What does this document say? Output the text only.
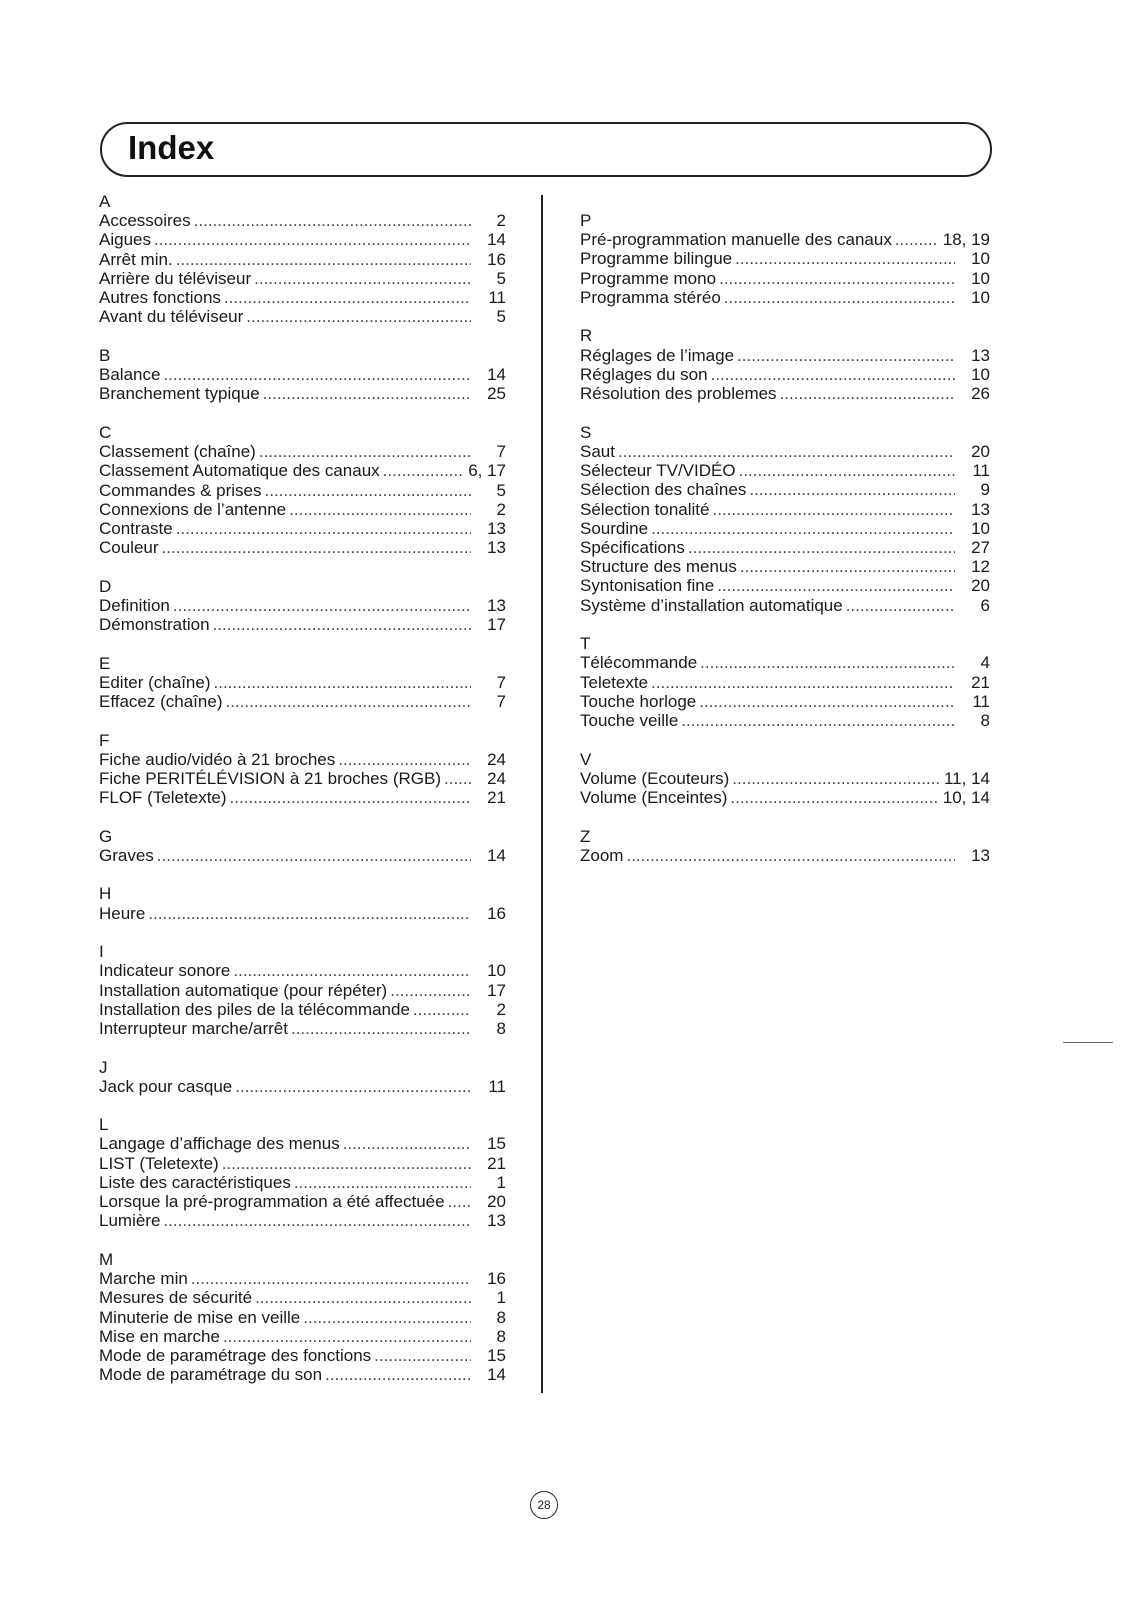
Index
A
Accessoires .....	2
Aigues .....	14
Arrêt min. .....	16
Arrière du téléviseur .....	5
Autres fonctions .....	11
Avant du téléviseur .....	5
B
Balance .....	14
Branchement typique .....	25
C
Classement (chaîne) .....	7
Classement Automatique des canaux .....	6, 17
Commandes & prises .....	5
Connexions de l’antenne .....	2
Contraste .....	13
Couleur .....	13
D
Definition .....	13
Démonstration .....	17
E
Editer (chaîne) .....	7
Effacez (chaîne) .....	7
F
Fiche audio/vidéo à 21 broches .....	24
Fiche PERITÉLÉVISION à 21 broches (RGB) .....	24
FLOF (Teletexte) .....	21
G
Graves .....	14
H
Heure .....	16
I
Indicateur sonore .....	10
Installation automatique (pour répéter) .....	17
Installation des piles de la télécommande .....	2
Interrupteur marche/arrêt .....	8
J
Jack pour casque .....	11
L
Langage d’affichage des menus .....	15
LIST (Teletexte) .....	21
Liste des caractéristiques .....	1
Lorsque la pré-programmation a été affectuée .....	20
Lumière .....	13
M
Marche min .....	16
Mesures de sécurité .....	1
Minuterie de mise en veille .....	8
Mise en marche .....	8
Mode de paramétrage des fonctions .....	15
Mode de paramétrage du son .....	14
P
Pré-programmation manuelle des canaux .....	18, 19
Programme bilingue .....	10
Programme mono .....	10
Programma stéréo .....	10
R
Réglages de l’image .....	13
Réglages du son .....	10
Résolution des problemes .....	26
S
Saut .....	20
Sélecteur TV/VIDÉO .....	11
Sélection des chaînes .....	9
Sélection tonalité .....	13
Sourdine .....	10
Spécifications .....	27
Structure des menus .....	12
Syntonisation fine .....	20
Système d’installation automatique .....	6
T
Télécommande .....	4
Teletexte .....	21
Touche horloge .....	11
Touche veille .....	8
V
Volume (Ecouteurs) .....	11, 14
Volume (Enceintes) .....	10, 14
Z
Zoom .....	13
28
